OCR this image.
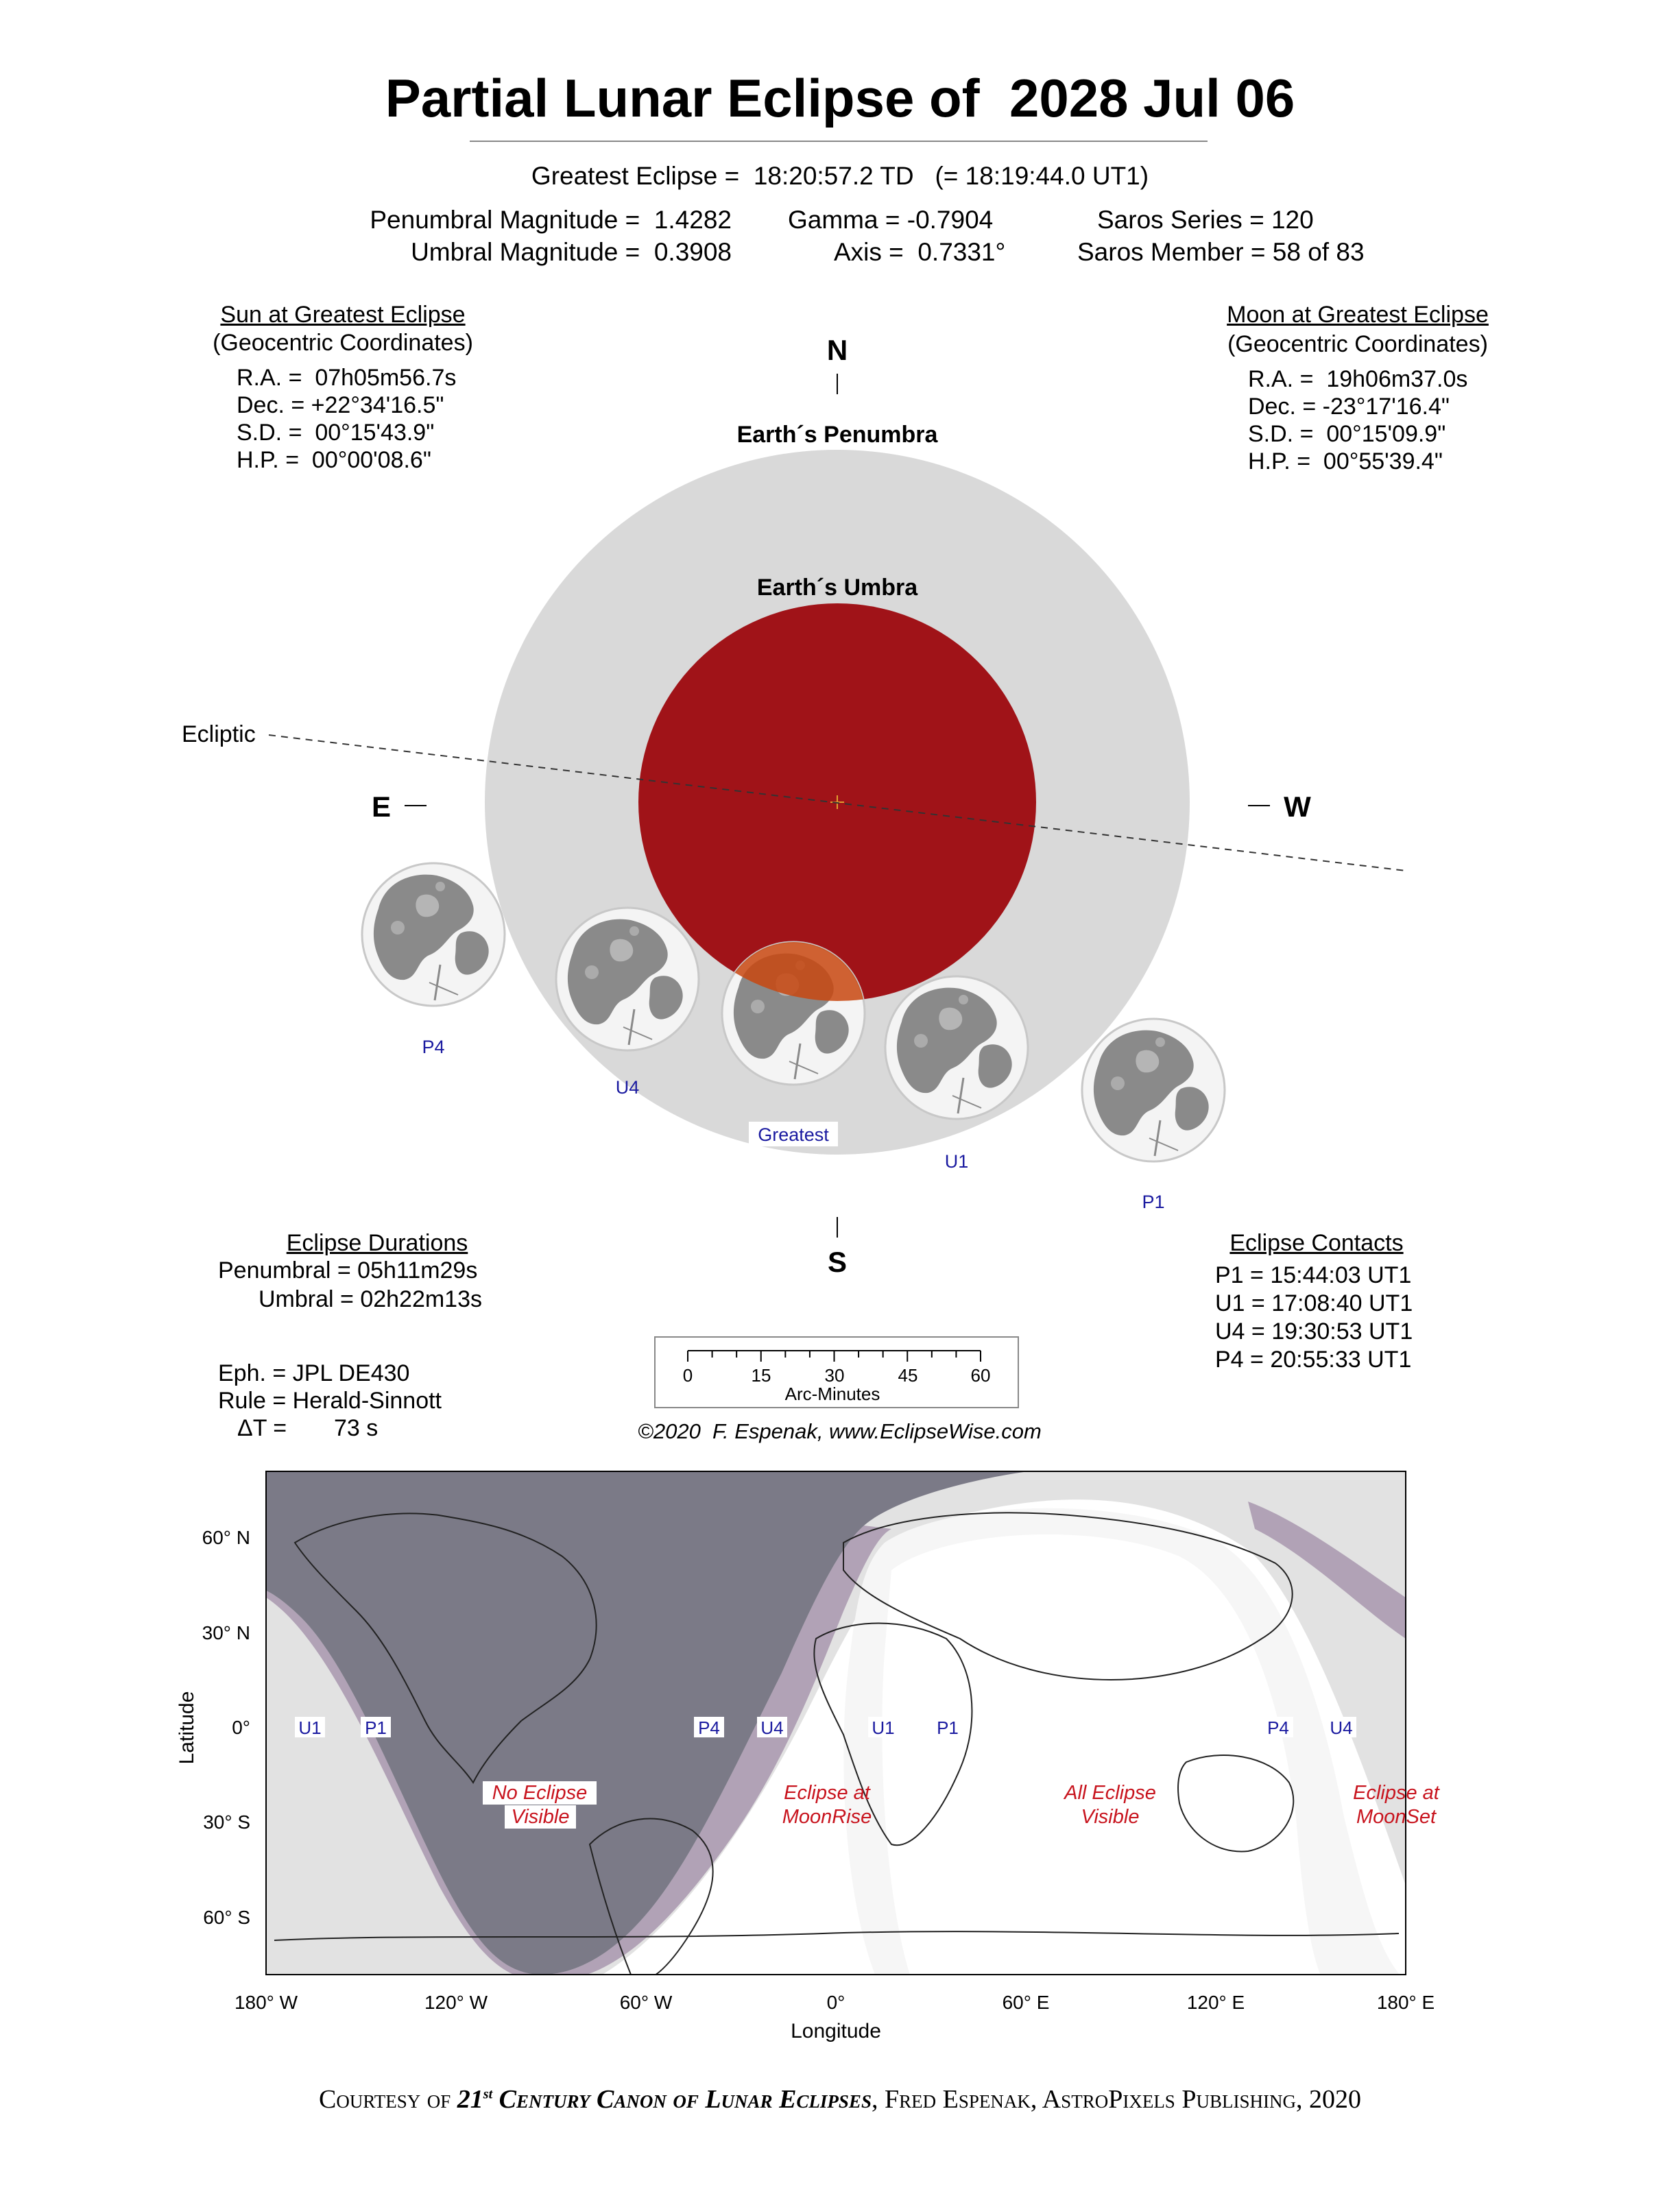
Partial Lunar Eclipse of  2028 Jul 06
Greatest Eclipse =  18:20:57.2 TD   (= 18:19:44.0 UT1)
Penumbral Magnitude =  1.4282
Umbral Magnitude =  0.3908
Gamma = -0.7904
Axis =  0.7331°
Saros Series = 120
Saros Member = 58 of 83
Sun at Greatest Eclipse
(Geocentric Coordinates)
R.A. =  07h05m56.7s
Dec. = +22°34'16.5"
S.D. =  00°15'43.9"
H.P. =  00°00'08.6"
Moon at Greatest Eclipse
(Geocentric Coordinates)
R.A. =  19h06m37.0s
Dec. = -23°17'16.4"
S.D. =  00°15'09.9"
H.P. =  00°55'39.4"
N
S
E	W
Earth´s Penumbra
Earth´s Umbra
Ecliptic
P4
U4
Greatest
U1
P1
0	15	30	45	60
Arc-Minutes
Eclipse Durations
Penumbral = 05h11m29s
Umbral = 02h22m13s
Eclipse Contacts
P1 = 15:44:03 UT1
U1 = 17:08:40 UT1
U4 = 19:30:53 UT1
P4 = 20:55:33 UT1
Eph. = JPL DE430
Rule = Herald-Sinnott
ΔT = 73 s	©2020  F. Espenak, www.EclipseWise.com
60° N
30° N
0°
30° S
60° S
Latitude
180° W	120° W	60° W	0°	60° E	120° E	180° E
Longitude
U1 P1	P4 U4	U1 P1	P4 U4
No Eclipse
Visible
Eclipse at
MoonRise
All Eclipse
Visible
Eclipse at
MoonSet
Courtesy of 21st Century Canon of Lunar Eclipses, Fred Espenak, AstroPixels Publishing, 2020
